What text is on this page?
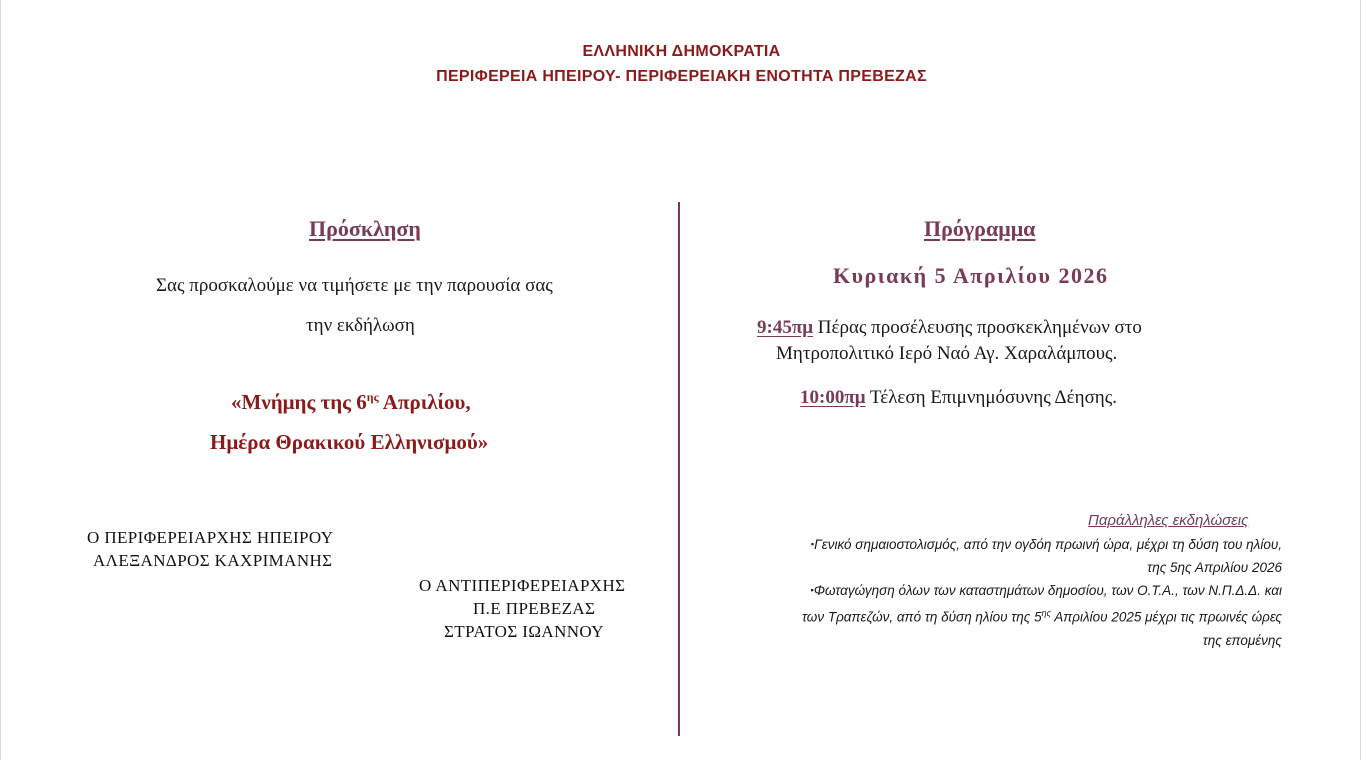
ΕΛΛΗΝΙΚΗ ΔΗΜΟΚΡΑΤΙΑ
ΠΕΡΙΦΕΡΕΙΑ ΗΠΕΙΡΟΥ- ΠΕΡΙΦΕΡΕΙΑΚΗ ΕΝΟΤΗΤΑ ΠΡΕΒΕΖΑΣ
Πρόσκληση
Σας προσκαλούμε να τιμήσετε με την παρουσία σας
την εκδήλωση
«Μνήμης της $6^{\eta\varsigma}$ Απριλίου,
Ημέρα Θρακικού Ελληνισμού»
Ο ΠΕΡΙΦΕΡΕΙΑΡΧΗΣ ΗΠΕΙΡΟΥ
ΑΛΕΞΑΝΔΡΟΣ ΚΑΧΡΙΜΑΝΗΣ
Ο ΑΝΤΙΠΕΡΙΦΕΡΕΙΑΡΧΗΣ
Π.Ε ΠΡΕΒΕΖΑΣ
ΣΤΡΑΤΟΣ ΙΩΑΝΝΟΥ
Πρόγραμμα
Κυριακή 5 Απριλίου 2026
9:45πμ Πέρας προσέλευσης προσκεκλημένων στο
Μητροπολιτικό Ιερό Ναό Αγ. Χαραλάμπους.
10:00πμ Τέλεση Επιμνημόσυνης Δέησης.
Παράλληλες εκδηλώσεις
▪Γενικό σημαιοστολισμός, από την ογδόη πρωινή ώρα, μέχρι τη δύση του ηλίου,
της 5ης Απριλίου 2026
▪Φωταγώγηση όλων των καταστημάτων δημοσίου, των Ο.Τ.Α., των Ν.Π.Δ.Δ. και
των Τραπεζών, από τη δύση ηλίου της $5^{\eta\varsigma}$ Απριλίου 2025 μέχρι τις πρωινές ώρες
της επομένης
